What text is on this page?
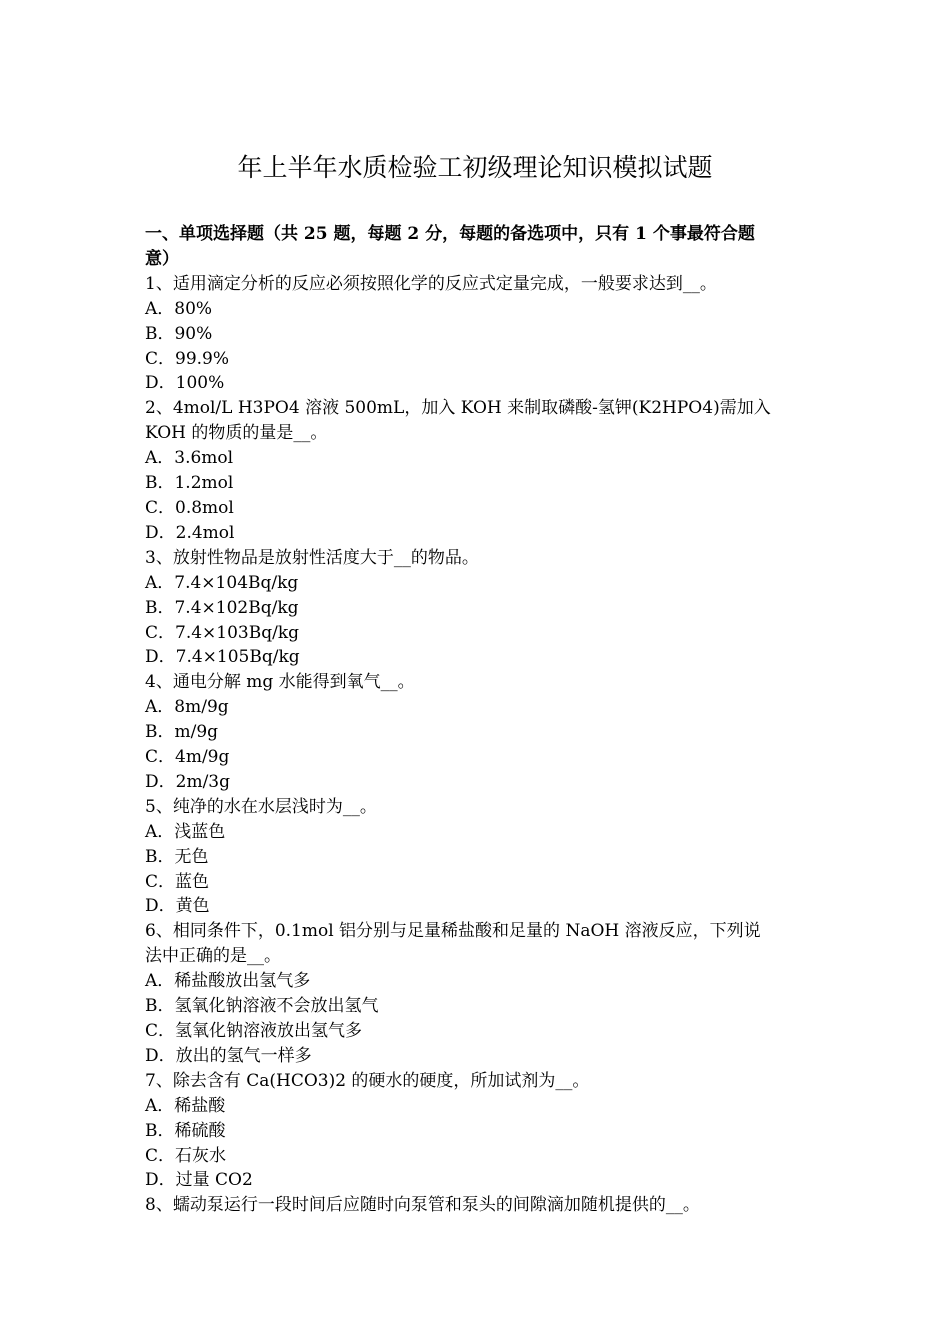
年上半年水质检验工初级理论知识模拟试题
一、单项选择题（共 25 题，每题 2 分，每题的备选项中，只有 1 个事最符合题
意）
1、适用滴定分析的反应必须按照化学的反应式定量完成，一般要求达到__。
A．80%
B．90%
C．99.9%
D．100%
2、4mol/L H3PO4 溶液 500mL，加入 KOH 来制取磷酸-氢钾(K2HPO4)需加入
KOH 的物质的量是__。
A．3.6mol
B．1.2mol
C．0.8mol
D．2.4mol
3、放射性物品是放射性活度大于__的物品。
A．7.4×104Bq/kg
B．7.4×102Bq/kg
C．7.4×103Bq/kg
D．7.4×105Bq/kg
4、通电分解 mg 水能得到氧气__。
A．8m/9g
B．m/9g
C．4m/9g
D．2m/3g
5、纯净的水在水层浅时为__。
A．浅蓝色
B．无色
C．蓝色
D．黄色
6、相同条件下，0.1mol 铝分别与足量稀盐酸和足量的 NaOH 溶液反应，下列说
法中正确的是__。
A．稀盐酸放出氢气多
B．氢氧化钠溶液不会放出氢气
C．氢氧化钠溶液放出氢气多
D．放出的氢气一样多
7、除去含有 Ca(HCO3)2 的硬水的硬度，所加试剂为__。
A．稀盐酸
B．稀硫酸
C．石灰水
D．过量 CO2
8、蠕动泵运行一段时间后应随时向泵管和泵头的间隙滴加随机提供的__。
